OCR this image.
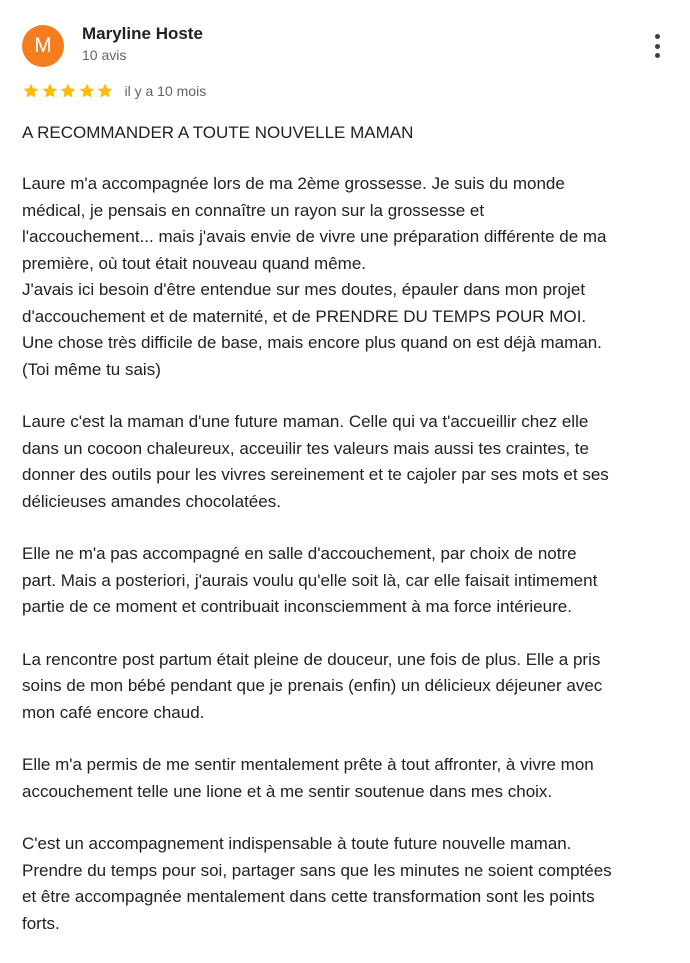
M
Maryline Hoste
10 avis
il y a 10 mois
A RECOMMANDER A TOUTE NOUVELLE MAMAN

Laure m'a accompagnée lors de ma 2ème grossesse. Je suis du monde
médical, je pensais en connaître un rayon sur la grossesse et
l'accouchement... mais j'avais envie de vivre une préparation différente de ma
première, où tout était nouveau quand même.
J'avais ici besoin d'être entendue sur mes doutes, épauler dans mon projet
d'accouchement et de maternité, et de PRENDRE DU TEMPS POUR MOI.
Une chose très difficile de base, mais encore plus quand on est déjà maman.
(Toi même tu sais)

Laure c'est la maman d'une future maman. Celle qui va t'accueillir chez elle
dans un cocoon chaleureux, acceuilir tes valeurs mais aussi tes craintes, te
donner des outils pour les vivres sereinement et te cajoler par ses mots et ses
délicieuses amandes chocolatées.

Elle ne m'a pas accompagné en salle d'accouchement, par choix de notre
part. Mais a posteriori, j'aurais voulu qu'elle soit là, car elle faisait intimement
partie de ce moment et contribuait inconsciemment à ma force intérieure.

La rencontre post partum était pleine de douceur, une fois de plus. Elle a pris
soins de mon bébé pendant que je prenais (enfin) un délicieux déjeuner avec
mon café encore chaud.

Elle m'a permis de me sentir mentalement prête à tout affronter, à vivre mon
accouchement telle une lione et à me sentir soutenue dans mes choix.

C'est un accompagnement indispensable à toute future nouvelle maman.
Prendre du temps pour soi, partager sans que les minutes ne soient comptées
et être accompagnée mentalement dans cette transformation sont les points
forts.
